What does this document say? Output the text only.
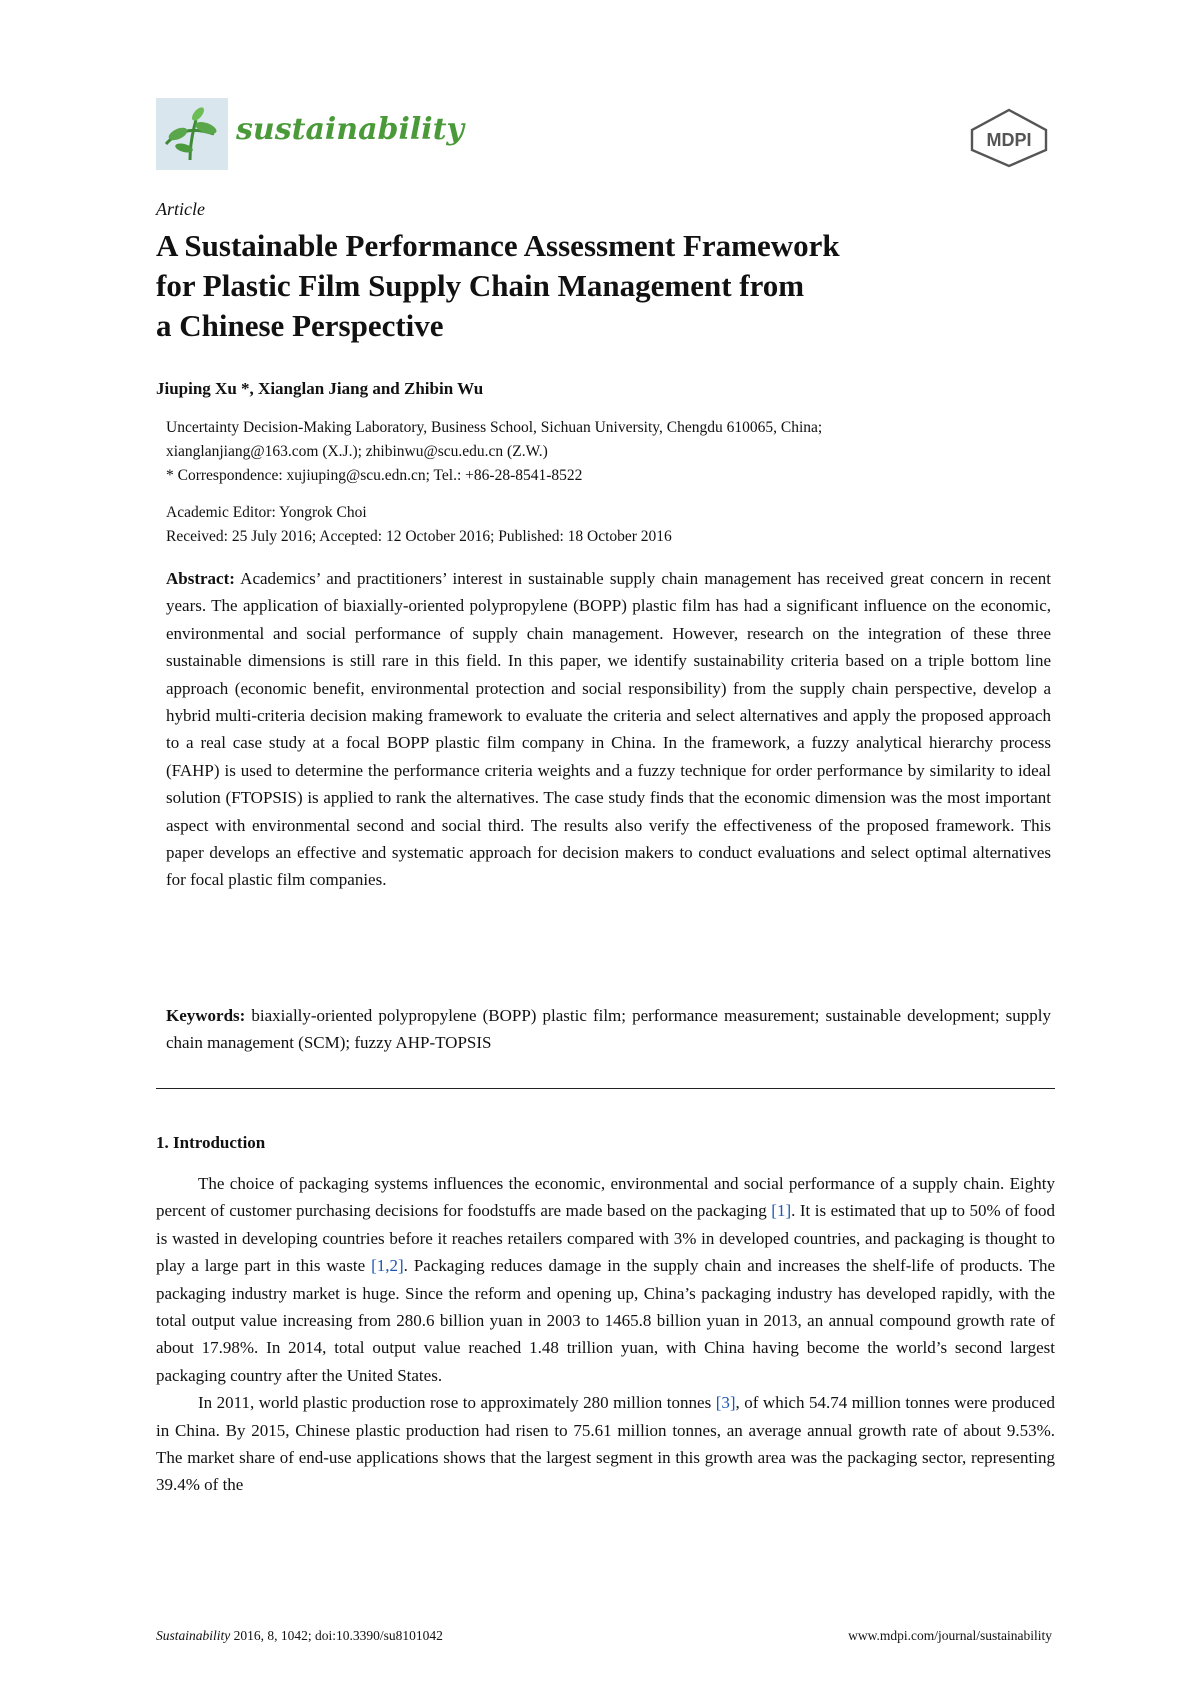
sustainability	MDPI
Article
A Sustainable Performance Assessment Framework
for Plastic Film Supply Chain Management from
a Chinese Perspective
Jiuping Xu *, Xianglan Jiang and Zhibin Wu
Uncertainty Decision-Making Laboratory, Business School, Sichuan University, Chengdu 610065, China;
xianglanjiang@163.com (X.J.); zhibinwu@scu.edu.cn (Z.W.)
* Correspondence: xujiuping@scu.edn.cn; Tel.: +86-28-8541-8522
Academic Editor: Yongrok Choi
Received: 25 July 2016; Accepted: 12 October 2016; Published: 18 October 2016

Abstract: Academics’ and practitioners’ interest in sustainable supply chain management has received great concern in recent years. The application of biaxially-oriented polypropylene (BOPP) plastic film has had a significant influence on the economic, environmental and social performance of supply chain management. However, research on the integration of these three sustainable dimensions is still rare in this field. In this paper, we identify sustainability criteria based on a triple bottom line approach (economic benefit, environmental protection and social responsibility) from the supply chain perspective, develop a hybrid multi-criteria decision making framework to evaluate the criteria and select alternatives and apply the proposed approach to a real case study at a focal BOPP plastic film company in China. In the framework, a fuzzy analytical hierarchy process (FAHP) is used to determine the performance criteria weights and a fuzzy technique for order performance by similarity to ideal solution (FTOPSIS) is applied to rank the alternatives. The case study finds that the economic dimension was the most important aspect with environmental second and social third. The results also verify the effectiveness of the proposed framework. This paper develops an effective and systematic approach for decision makers to conduct evaluations and select optimal alternatives for focal plastic film companies.

Keywords: biaxially-oriented polypropylene (BOPP) plastic film; performance measurement; sustainable development; supply chain management (SCM); fuzzy AHP-TOPSIS

1. Introduction

The choice of packaging systems influences the economic, environmental and social performance of a supply chain. Eighty percent of customer purchasing decisions for foodstuffs are made based on the packaging [1]. It is estimated that up to 50% of food is wasted in developing countries before it reaches retailers compared with 3% in developed countries, and packaging is thought to play a large part in this waste [1,2]. Packaging reduces damage in the supply chain and increases the shelf-life of products. The packaging industry market is huge. Since the reform and opening up, China’s packaging industry has developed rapidly, with the total output value increasing from 280.6 billion yuan in 2003 to 1465.8 billion yuan in 2013, an annual compound growth rate of about 17.98%. In 2014, total output value reached 1.48 trillion yuan, with China having become the world’s second largest packaging country after the United States.

In 2011, world plastic production rose to approximately 280 million tonnes [3], of which 54.74 million tonnes were produced in China. By 2015, Chinese plastic production had risen to 75.61 million tonnes, an average annual growth rate of about 9.53%. The market share of end-use applications shows that the largest segment in this growth area was the packaging sector, representing 39.4% of the

Sustainability 2016, 8, 1042; doi:10.3390/su8101042	www.mdpi.com/journal/sustainability
